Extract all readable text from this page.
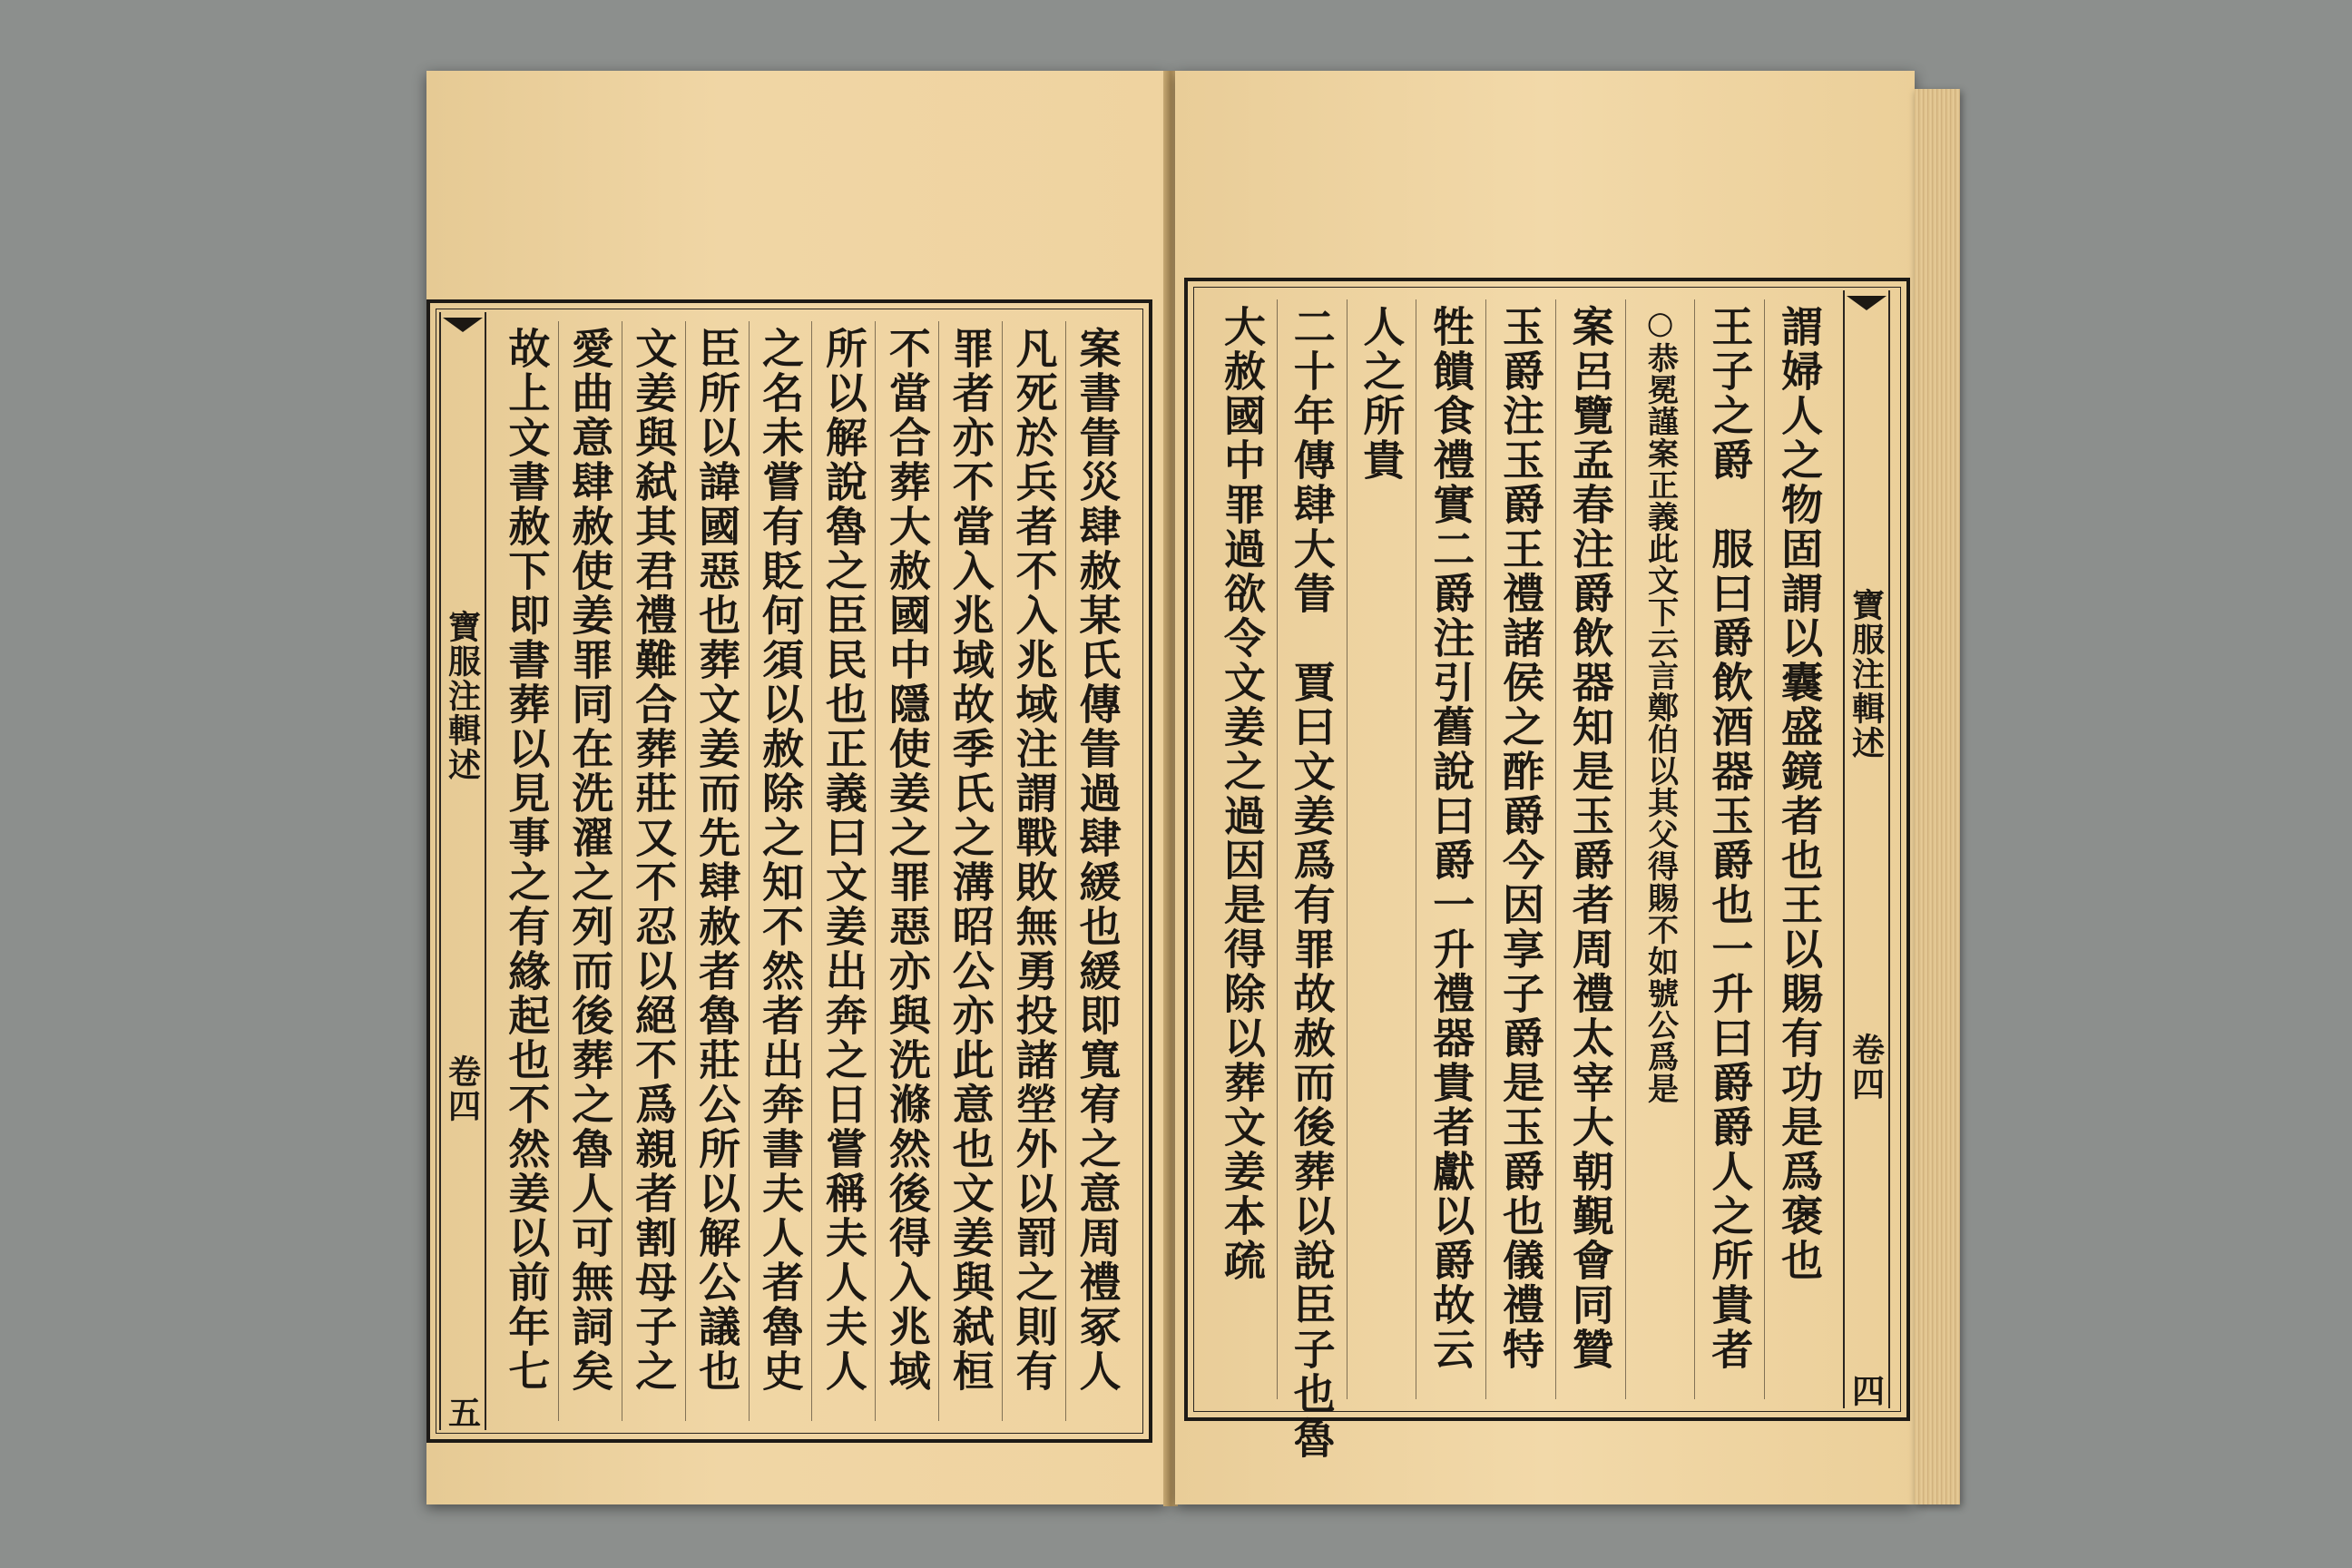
寶服注輯述
卷四
五
案書眚災肆赦某氏傳眚過肆緩也緩即寬宥之意周禮冢人
凡死於兵者不入兆域注謂戰敗無勇投諸塋外以罰之則有
罪者亦不當入兆域故季氏之溝昭公亦此意也文姜與弑桓
不當合葬大赦國中隱使姜之罪惡亦與洗滌然後得入兆域
所以解說魯之臣民也正義曰文姜出奔之日嘗稱夫人夫人
之名未嘗有貶何須以赦除之知不然者出奔書夫人者魯史
臣所以諱國惡也葬文姜而先肆赦者魯莊公所以解公議也
文姜與弑其君禮難合葬莊又不忍以絕不爲親者割母子之
愛曲意肆赦使姜罪同在洗濯之列而後葬之魯人可無詞矣
故上文書赦下即書葬以見事之有緣起也不然姜以前年七	寶服注輯述
卷四
四
謂婦人之物固謂以囊盛鏡者也王以賜有功是爲褒也
王子之爵　服曰爵飲酒器玉爵也一升曰爵爵人之所貴者
○恭冕謹案正義此文下云言鄭伯以其父得賜不如號公爲是
案呂覽孟春注爵飲器知是玉爵者周禮太宰大朝覲會同贊
玉爵注玉爵王禮諸侯之酢爵今因享子爵是玉爵也儀禮特
牲饋食禮實二爵注引舊說曰爵一升禮器貴者獻以爵故云
人之所貴
二十年傳肆大眚　賈曰文姜爲有罪故赦而後葬以說臣子也魯
大赦國中罪過欲令文姜之過因是得除以葬文姜本疏
